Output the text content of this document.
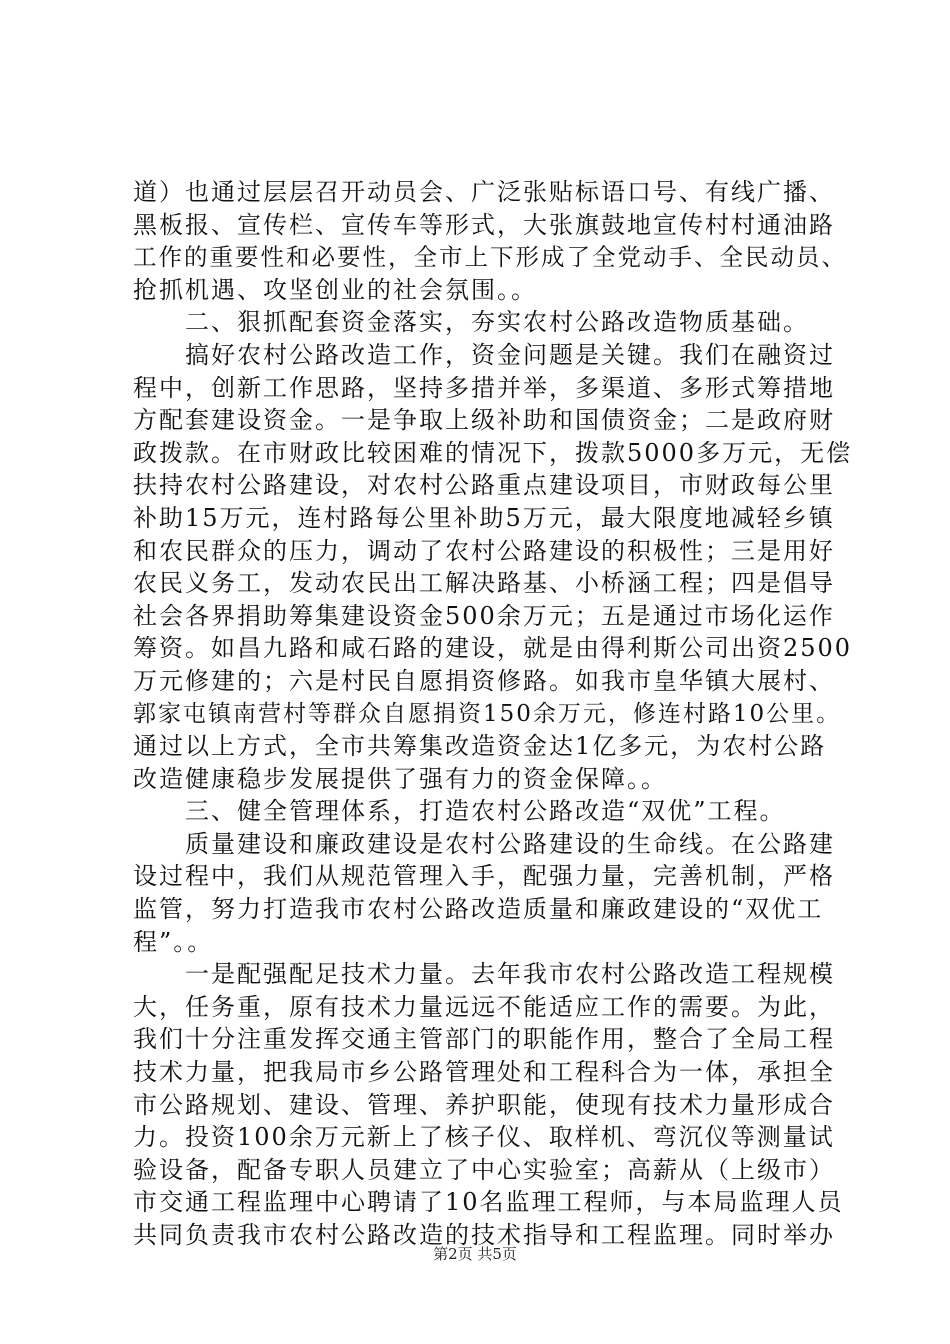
道）也通过层层召开动员会、广泛张贴标语口号、有线广播、
黑板报、宣传栏、宣传车等形式，大张旗鼓地宣传村村通油路
工作的重要性和必要性，全市上下形成了全党动手、全民动员、
抢抓机遇、攻坚创业的社会氛围。。
　　二、狠抓配套资金落实，夯实农村公路改造物质基础。
　　搞好农村公路改造工作，资金问题是关键。我们在融资过
程中，创新工作思路，坚持多措并举，多渠道、多形式筹措地
方配套建设资金。一是争取上级补助和国债资金；二是政府财
政拨款。在市财政比较困难的情况下，拨款5000多万元，无偿
扶持农村公路建设，对农村公路重点建设项目，市财政每公里
补助15万元，连村路每公里补助5万元，最大限度地减轻乡镇
和农民群众的压力，调动了农村公路建设的积极性；三是用好
农民义务工，发动农民出工解决路基、小桥涵工程；四是倡导
社会各界捐助筹集建设资金500余万元；五是通过市场化运作
筹资。如昌九路和咸石路的建设，就是由得利斯公司出资2500
万元修建的；六是村民自愿捐资修路。如我市皇华镇大展村、
郭家屯镇南营村等群众自愿捐资150余万元，修连村路10公里。
通过以上方式，全市共筹集改造资金达1亿多元，为农村公路
改造健康稳步发展提供了强有力的资金保障。。
　　三、健全管理体系，打造农村公路改造“双优”工程。
　　质量建设和廉政建设是农村公路建设的生命线。在公路建
设过程中，我们从规范管理入手，配强力量，完善机制，严格
监管，努力打造我市农村公路改造质量和廉政建设的“双优工
程”。。
　　一是配强配足技术力量。去年我市农村公路改造工程规模
大，任务重，原有技术力量远远不能适应工作的需要。为此，
我们十分注重发挥交通主管部门的职能作用，整合了全局工程
技术力量，把我局市乡公路管理处和工程科合为一体，承担全
市公路规划、建设、管理、养护职能，使现有技术力量形成合
力。投资100余万元新上了核子仪、取样机、弯沉仪等测量试
验设备，配备专职人员建立了中心实验室；高薪从（上级市）
市交通工程监理中心聘请了10名监理工程师，与本局监理人员
共同负责我市农村公路改造的技术指导和工程监理。同时举办
第2页 共5页
